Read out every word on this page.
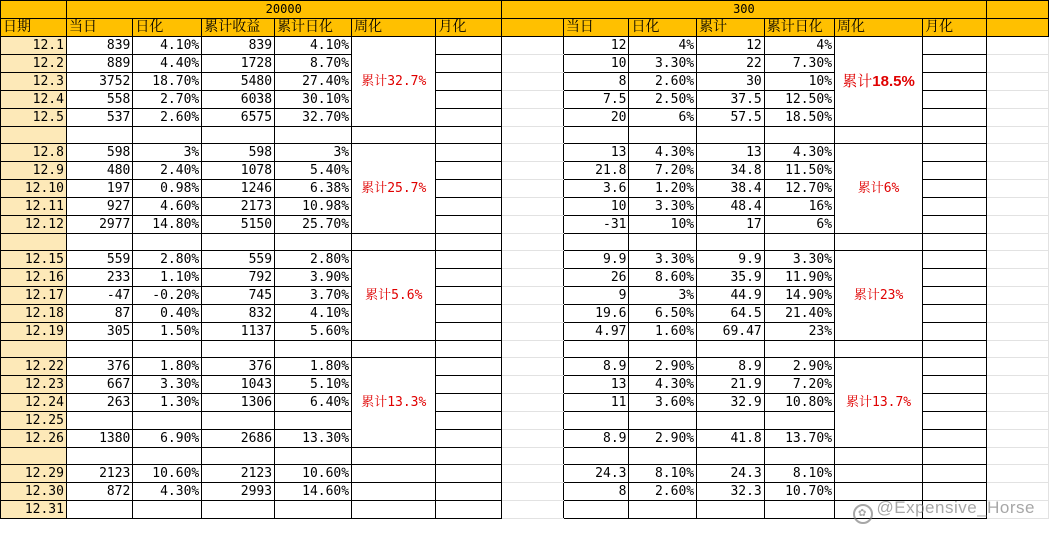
	20000						300							
日期	当日	日化	累计收益	累计日化	周化	月化		当日	日化	累计	累计日化	周化	月化	
12.1	839	4.10%	839	4.10%	累计32.7%			12	4%	12	4%	累计18.5%		
12.2	889	4.40%	1728	8.70%				10	3.30%	22	7.30%			
12.3	3752	18.70%	5480	27.40%				8	2.60%	30	10%			
12.4	558	2.70%	6038	30.10%				7.5	2.50%	37.5	12.50%			
12.5	537	2.60%	6575	32.70%				20	6%	57.5	18.50%			

12.8	598	3%	598	3%	累计25.7%			13	4.30%	13	4.30%	累计6%		
12.9	480	2.40%	1078	5.40%				21.8	7.20%	34.8	11.50%			
12.10	197	0.98%	1246	6.38%				3.6	1.20%	38.4	12.70%			
12.11	927	4.60%	2173	10.98%				10	3.30%	48.4	16%			
12.12	2977	14.80%	5150	25.70%				-31	10%	17	6%			

12.15	559	2.80%	559	2.80%	累计5.6%			9.9	3.30%	9.9	3.30%	累计23%		
12.16	233	1.10%	792	3.90%				26	8.60%	35.9	11.90%			
12.17	-47	-0.20%	745	3.70%				9	3%	44.9	14.90%			
12.18	87	0.40%	832	4.10%				19.6	6.50%	64.5	21.40%			
12.19	305	1.50%	1137	5.60%				4.97	1.60%	69.47	23%			

12.22	376	1.80%	376	1.80%	累计13.3%			8.9	2.90%	8.9	2.90%	累计13.7%		
12.23	667	3.30%	1043	5.10%				13	4.30%	21.9	7.20%			
12.24	263	1.30%	1306	6.40%				11	3.60%	32.9	10.80%			
12.25														
12.26	1380	6.90%	2686	13.30%				8.9	2.90%	41.8	13.70%			

12.29	2123	10.60%	2123	10.60%				24.3	8.10%	24.3	8.10%			
12.30	872	4.30%	2993	14.60%				8	2.60%	32.3	10.70%			
12.31															✿ @Expensive_Horse
